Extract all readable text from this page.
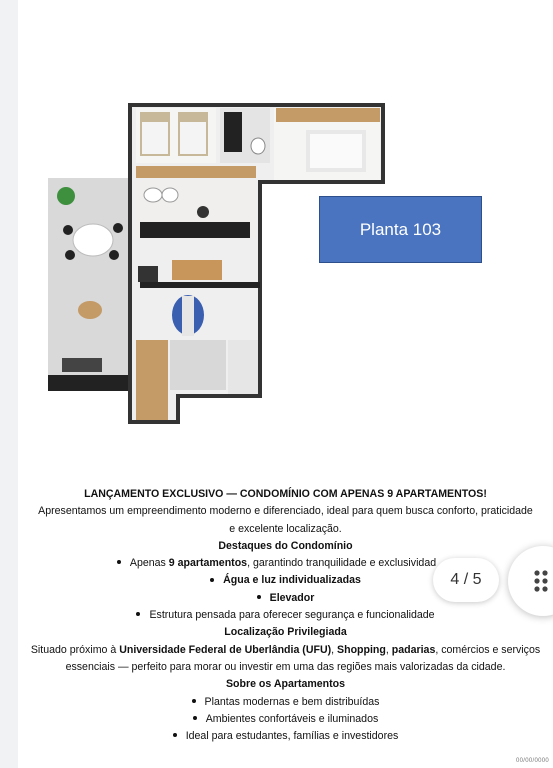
Planta 103

LANÇAMENTO EXCLUSIVO — CONDOMÍNIO COM APENAS 9 APARTAMENTOS!

Apresentamos um empreendimento moderno e diferenciado, ideal para quem busca conforto, praticidade

e excelente localização.

Destaques do Condomínio

Apenas 9 apartamentos, garantindo tranquilidade e exclusividad
Água e luz individualizadas
Elevador
Estrutura pensada para oferecer segurança e funcionalidade

Localização Privilegiada

Situado próximo à Universidade Federal de Uberlândia (UFU), Shopping, padarias, comércios e serviços

essenciais — perfeito para morar ou investir em uma das regiões mais valorizadas da cidade.

Sobre os Apartamentos

Plantas modernas e bem distribuídas
Ambientes confortáveis e iluminados
Ideal para estudantes, famílias e investidores
4 / 5
00/00/0000
